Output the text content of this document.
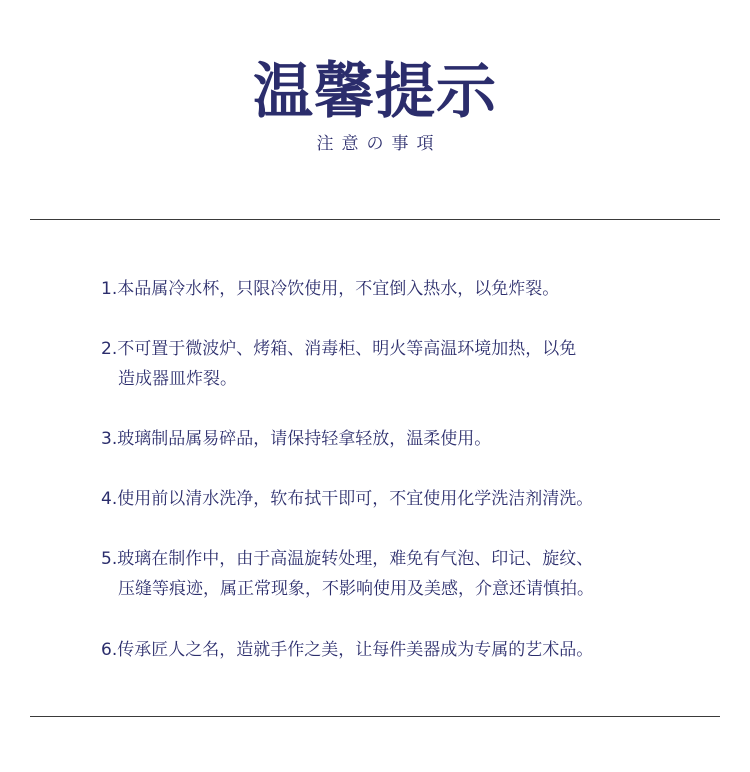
温馨提示
注意の事項
1.本品属冷水杯，只限冷饮使用，不宜倒入热水，以免炸裂。
2.不可置于微波炉、烤箱、消毒柜、明火等高温环境加热，以免
造成器皿炸裂。
3.玻璃制品属易碎品，请保持轻拿轻放，温柔使用。
4.使用前以清水洗净，软布拭干即可，不宜使用化学洗洁剂清洗。
5.玻璃在制作中，由于高温旋转处理，难免有气泡、印记、旋纹、
压缝等痕迹，属正常现象，不影响使用及美感，介意还请慎拍。
6.传承匠人之名，造就手作之美，让每件美器成为专属的艺术品。
